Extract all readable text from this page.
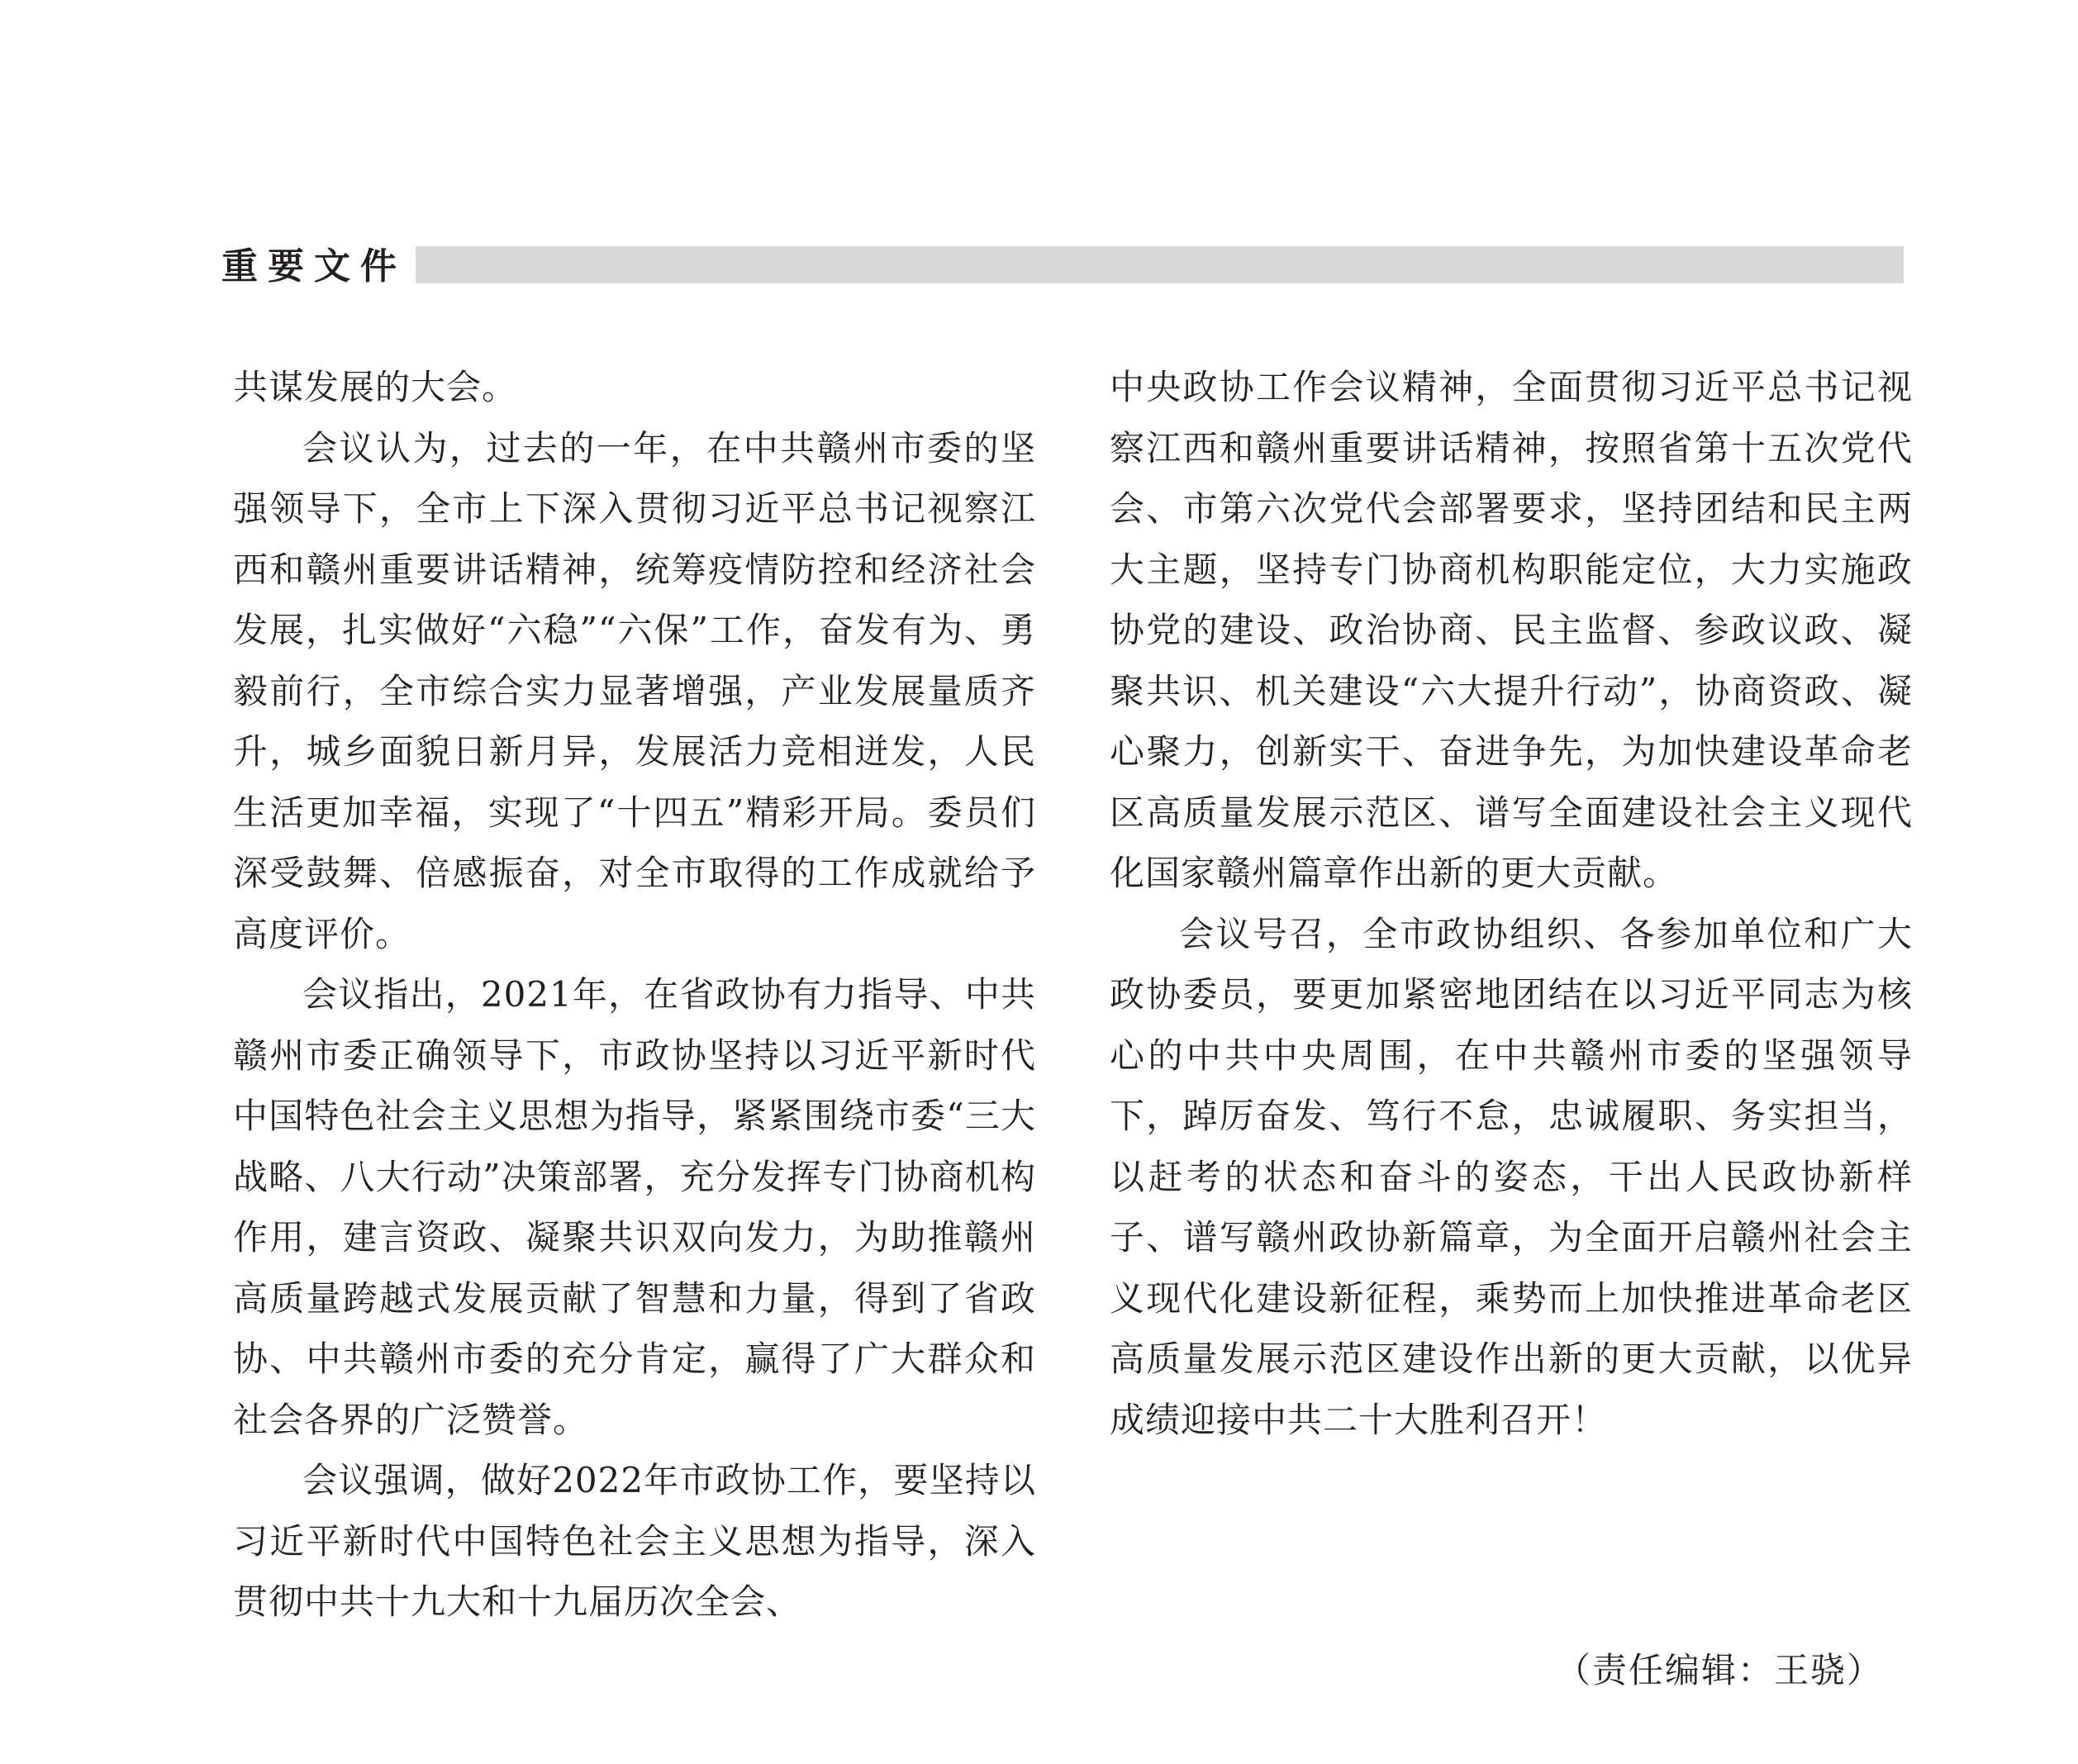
重要文件

共谋发展的大会。

会议认为，过去的一年，在中共赣州市委的坚强领导下，全市上下深入贯彻习近平总书记视察江西和赣州重要讲话精神，统筹疫情防控和经济社会发展，扎实做好“六稳”“六保”工作，奋发有为、勇毅前行，全市综合实力显著增强，产业发展量质齐升，城乡面貌日新月异，发展活力竞相迸发，人民生活更加幸福，实现了“十四五”精彩开局。委员们深受鼓舞、倍感振奋，对全市取得的工作成就给予高度评价。

会议指出，2021年，在省政协有力指导、中共赣州市委正确领导下，市政协坚持以习近平新时代中国特色社会主义思想为指导，紧紧围绕市委“三大战略、八大行动”决策部署，充分发挥专门协商机构作用，建言资政、凝聚共识双向发力，为助推赣州高质量跨越式发展贡献了智慧和力量，得到了省政协、中共赣州市委的充分肯定，赢得了广大群众和社会各界的广泛赞誉。

会议强调，做好2022年市政协工作，要坚持以习近平新时代中国特色社会主义思想为指导，深入贯彻中共十九大和十九届历次全会、

中央政协工作会议精神，全面贯彻习近平总书记视察江西和赣州重要讲话精神，按照省第十五次党代会、市第六次党代会部署要求，坚持团结和民主两大主题，坚持专门协商机构职能定位，大力实施政协党的建设、政治协商、民主监督、参政议政、凝聚共识、机关建设“六大提升行动”，协商资政、凝心聚力，创新实干、奋进争先，为加快建设革命老区高质量发展示范区、谱写全面建设社会主义现代化国家赣州篇章作出新的更大贡献。

会议号召，全市政协组织、各参加单位和广大政协委员，要更加紧密地团结在以习近平同志为核心的中共中央周围，在中共赣州市委的坚强领导下，踔厉奋发、笃行不怠，忠诚履职、务实担当，以赶考的状态和奋斗的姿态，干出人民政协新样子、谱写赣州政协新篇章，为全面开启赣州社会主义现代化建设新征程，乘势而上加快推进革命老区高质量发展示范区建设作出新的更大贡献，以优异成绩迎接中共二十大胜利召开！

（责任编辑：王骁）
